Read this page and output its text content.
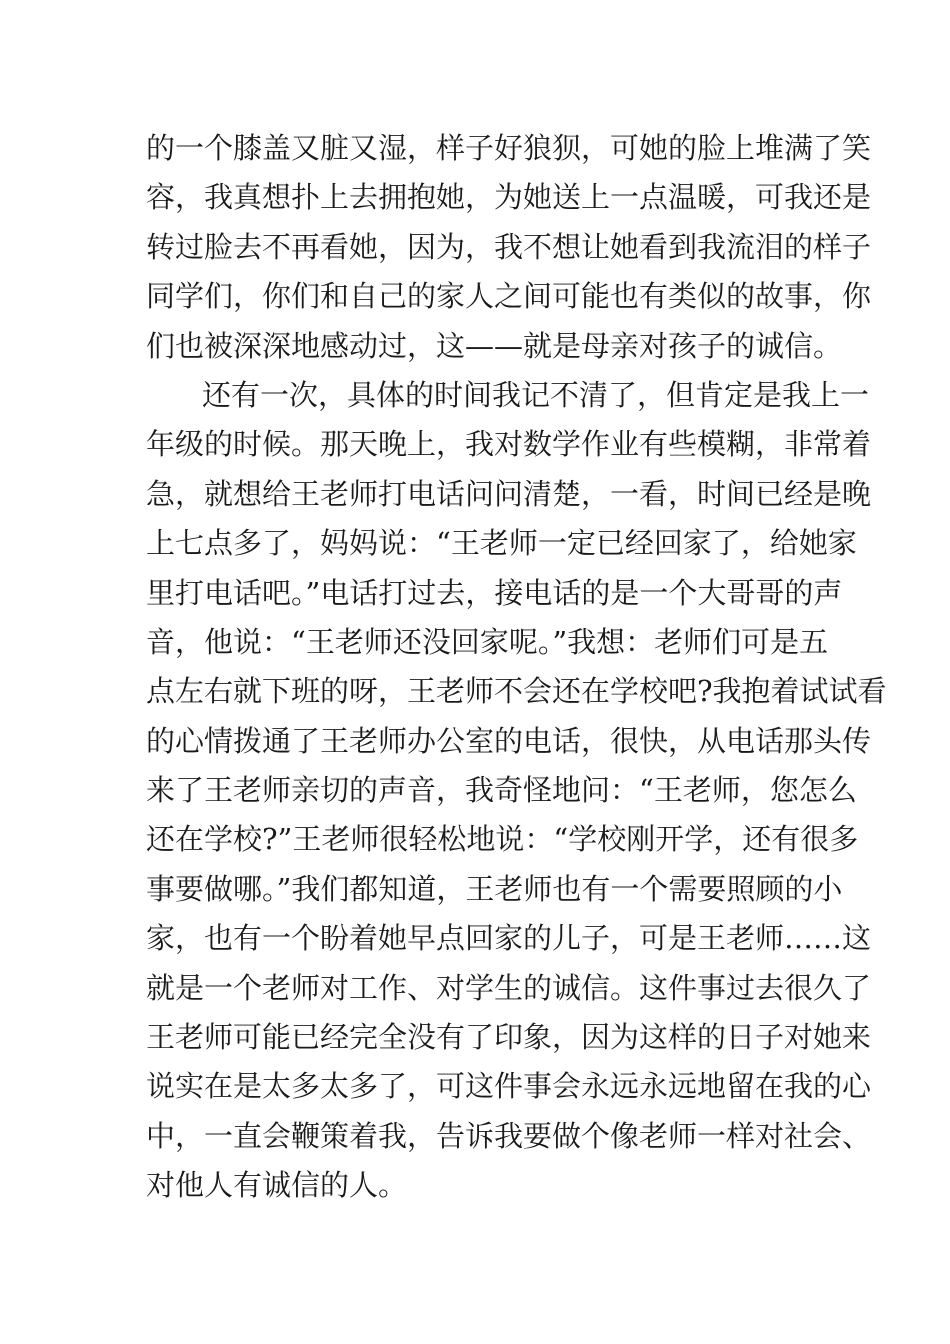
的一个膝盖又脏又湿，样子好狼狈，可她的脸上堆满了笑
容，我真想扑上去拥抱她，为她送上一点温暖，可我还是
转过脸去不再看她，因为，我不想让她看到我流泪的样子
同学们，你们和自己的家人之间可能也有类似的故事，你
们也被深深地感动过，这——就是母亲对孩子的诚信。
还有一次，具体的时间我记不清了，但肯定是我上一
年级的时候。那天晚上，我对数学作业有些模糊，非常着
急，就想给王老师打电话问问清楚，一看，时间已经是晚
上七点多了，妈妈说：“王老师一定已经回家了，给她家
里打电话吧。”电话打过去，接电话的是一个大哥哥的声
音，他说：“王老师还没回家呢。”我想：老师们可是五
点左右就下班的呀，王老师不会还在学校吧?我抱着试试看
的心情拨通了王老师办公室的电话，很快，从电话那头传
来了王老师亲切的声音，我奇怪地问：“王老师，您怎么
还在学校?”王老师很轻松地说：“学校刚开学，还有很多
事要做哪。”我们都知道，王老师也有一个需要照顾的小
家，也有一个盼着她早点回家的儿子，可是王老师……这
就是一个老师对工作、对学生的诚信。这件事过去很久了
王老师可能已经完全没有了印象，因为这样的日子对她来
说实在是太多太多了，可这件事会永远永远地留在我的心
中，一直会鞭策着我，告诉我要做个像老师一样对社会、
对他人有诚信的人。
